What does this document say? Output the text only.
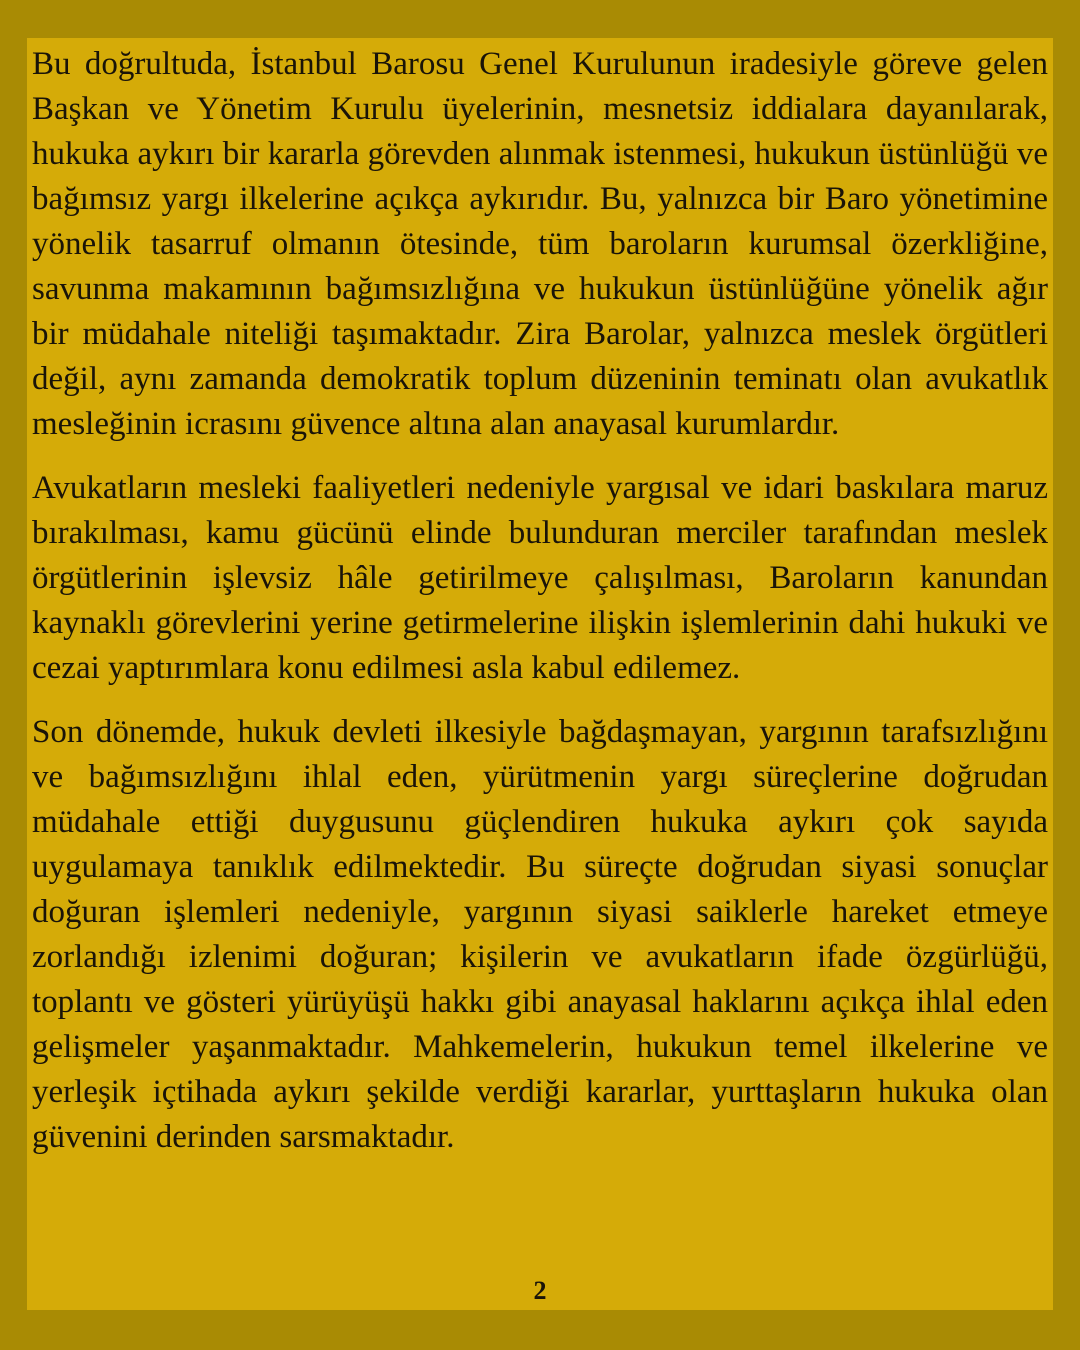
Bu doğrultuda, İstanbul Barosu Genel Kurulunun iradesiyle göreve gelen Başkan ve Yönetim Kurulu üyelerinin, mesnetsiz iddialara dayanılarak, hukuka aykırı bir kararla görevden alınmak istenmesi, hukukun üstünlüğü ve bağımsız yargı ilkelerine açıkça aykırıdır. Bu, yalnızca bir Baro yönetimine yönelik tasarruf olmanın ötesinde, tüm baroların kurumsal özerkliğine, savunma makamının bağımsızlığına ve hukukun üstünlüğüne yönelik ağır bir müdahale niteliği taşımaktadır. Zira Barolar, yalnızca meslek örgütleri değil, aynı zamanda demokratik toplum düzeninin teminatı olan avukatlık mesleğinin icrasını güvence altına alan anayasal kurumlardır.

Avukatların mesleki faaliyetleri nedeniyle yargısal ve idari baskılara maruz bırakılması, kamu gücünü elinde bulunduran merciler tarafından meslek örgütlerinin işlevsiz hâle getirilmeye çalışılması, Baroların kanundan kaynaklı görevlerini yerine getirmelerine ilişkin işlemlerinin dahi hukuki ve cezai yaptırımlara konu edilmesi asla kabul edilemez.

Son dönemde, hukuk devleti ilkesiyle bağdaşmayan, yargının tarafsızlığını ve bağımsızlığını ihlal eden, yürütmenin yargı süreçlerine doğrudan müdahale ettiği duygusunu güçlendiren hukuka aykırı çok sayıda uygulamaya tanıklık edilmektedir. Bu süreçte doğrudan siyasi sonuçlar doğuran işlemleri nedeniyle, yargının siyasi saiklerle hareket etmeye zorlandığı izlenimi doğuran; kişilerin ve avukatların ifade özgürlüğü, toplantı ve gösteri yürüyüşü hakkı gibi anayasal haklarını açıkça ihlal eden gelişmeler yaşanmaktadır. Mahkemelerin, hukukun temel ilkelerine ve yerleşik içtihada aykırı şekilde verdiği kararlar, yurttaşların hukuka olan güvenini derinden sarsmaktadır.

2
